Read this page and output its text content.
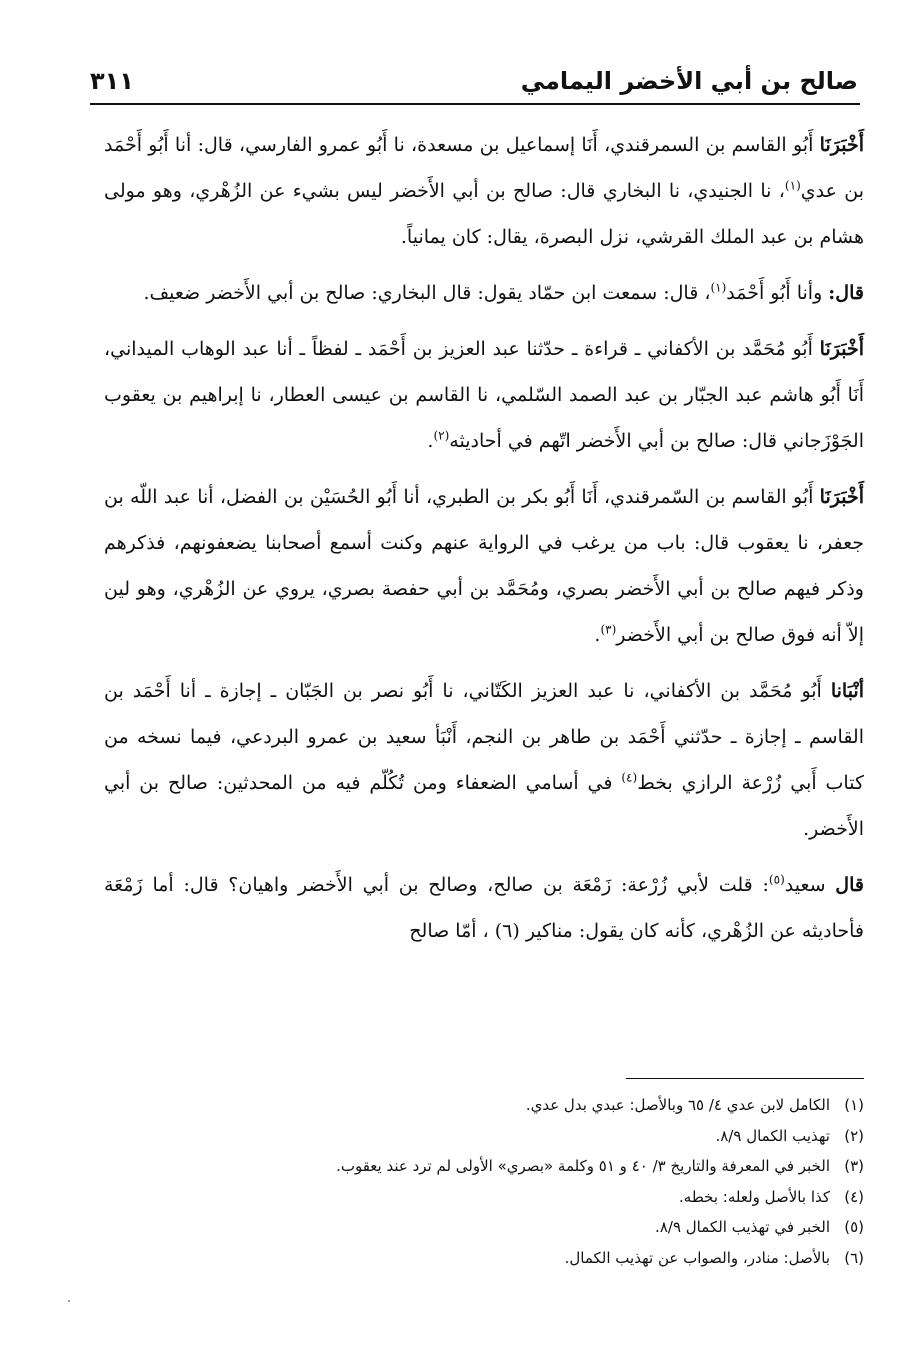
صالح بن أبي الأخضر اليمامي
٣١١

أَخْبَرَنَا أَبُو القاسم بن السمرقندي، أَنَا إسماعيل بن مسعدة، نا أَبُو عمرو الفارسي، قال: أنا أَبُو أَحْمَد بن عدي$^{(١)}$، نا الجنيدي، نا البخاري قال: صالح بن أبي الأَخضر ليس بشيء عن الزُهْري، وهو مولى هشام بن عبد الملك القرشي، نزل البصرة، يقال: كان يمانياً.

قال: وأنا أَبُو أَحْمَد$^{(١)}$، قال: سمعت ابن حمّاد يقول: قال البخاري: صالح بن أبي الأَخضر ضعيف.

أَخْبَرَنَا أَبُو مُحَمَّد بن الأكفاني ـ قراءة ـ حدّثنا عبد العزيز بن أَحْمَد ـ لفظاً ـ أنا عبد الوهاب الميداني، أَنَا أَبُو هاشم عبد الجبّار بن عبد الصمد السّلمي، نا القاسم بن عيسى العطار، نا إبراهيم بن يعقوب الجَوْزَجاني قال: صالح بن أبي الأَخضر اتّهم في أحاديثه$^{(٢)}$.

أَخْبَرَنَا أَبُو القاسم بن السّمرقندي، أَنَا أَبُو بكر بن الطبري، أنا أَبُو الحُسَيْن بن الفضل، أنا عبد اللّه بن جعفر، نا يعقوب قال: باب من يرغب في الرواية عنهم وكنت أسمع أصحابنا يضعفونهم، فذكرهم وذكر فيهم صالح بن أبي الأَخضر بصري، ومُحَمَّد بن أبي حفصة بصري، يروي عن الزُهْري، وهو لين إلاّ أنه فوق صالح بن أبي الأَخضر$^{(٣)}$.

أنْبَانا أَبُو مُحَمَّد بن الأكفاني، نا عبد العزيز الكَتّاني، نا أَبُو نصر بن الجَبّان ـ إجازة ـ أنا أَحْمَد بن القاسم ـ إجازة ـ حدّثني أَحْمَد بن طاهر بن النجم، أَنْبَأ سعيد بن عمرو البردعي، فيما نسخه من كتاب أَبي زُرْعة الرازي بخط$^{(٤)}$ في أسامي الضعفاء ومن تُكُلّم فيه من المحدثين: صالح بن أبي الأَخضر.

قال سعيد$^{(٥)}$: قلت لأبي زُرْعة: زَمْعَة بن صالح، وصالح بن أبي الأَخضر واهيان؟ قال: أما زَمْعَة فأحاديثه عن الزُهْري، كأنه كان يقول: مناكير (٦) ، أمّا صالح

(١)الكامل لابن عدي ٤/ ٦٥ وبالأصل: عبدي بدل عدي.
(٢)تهذيب الكمال ٨/٩.
(٣)الخبر في المعرفة والتاريخ ٣/ ٤٠ و ٥١ وكلمة «بصري» الأولى لم ترد عند يعقوب.
(٤)كذا بالأصل ولعله: بخطه.
(٥)الخبر في تهذيب الكمال ٨/٩.
(٦)بالأصل: منادر، والصواب عن تهذيب الكمال.
